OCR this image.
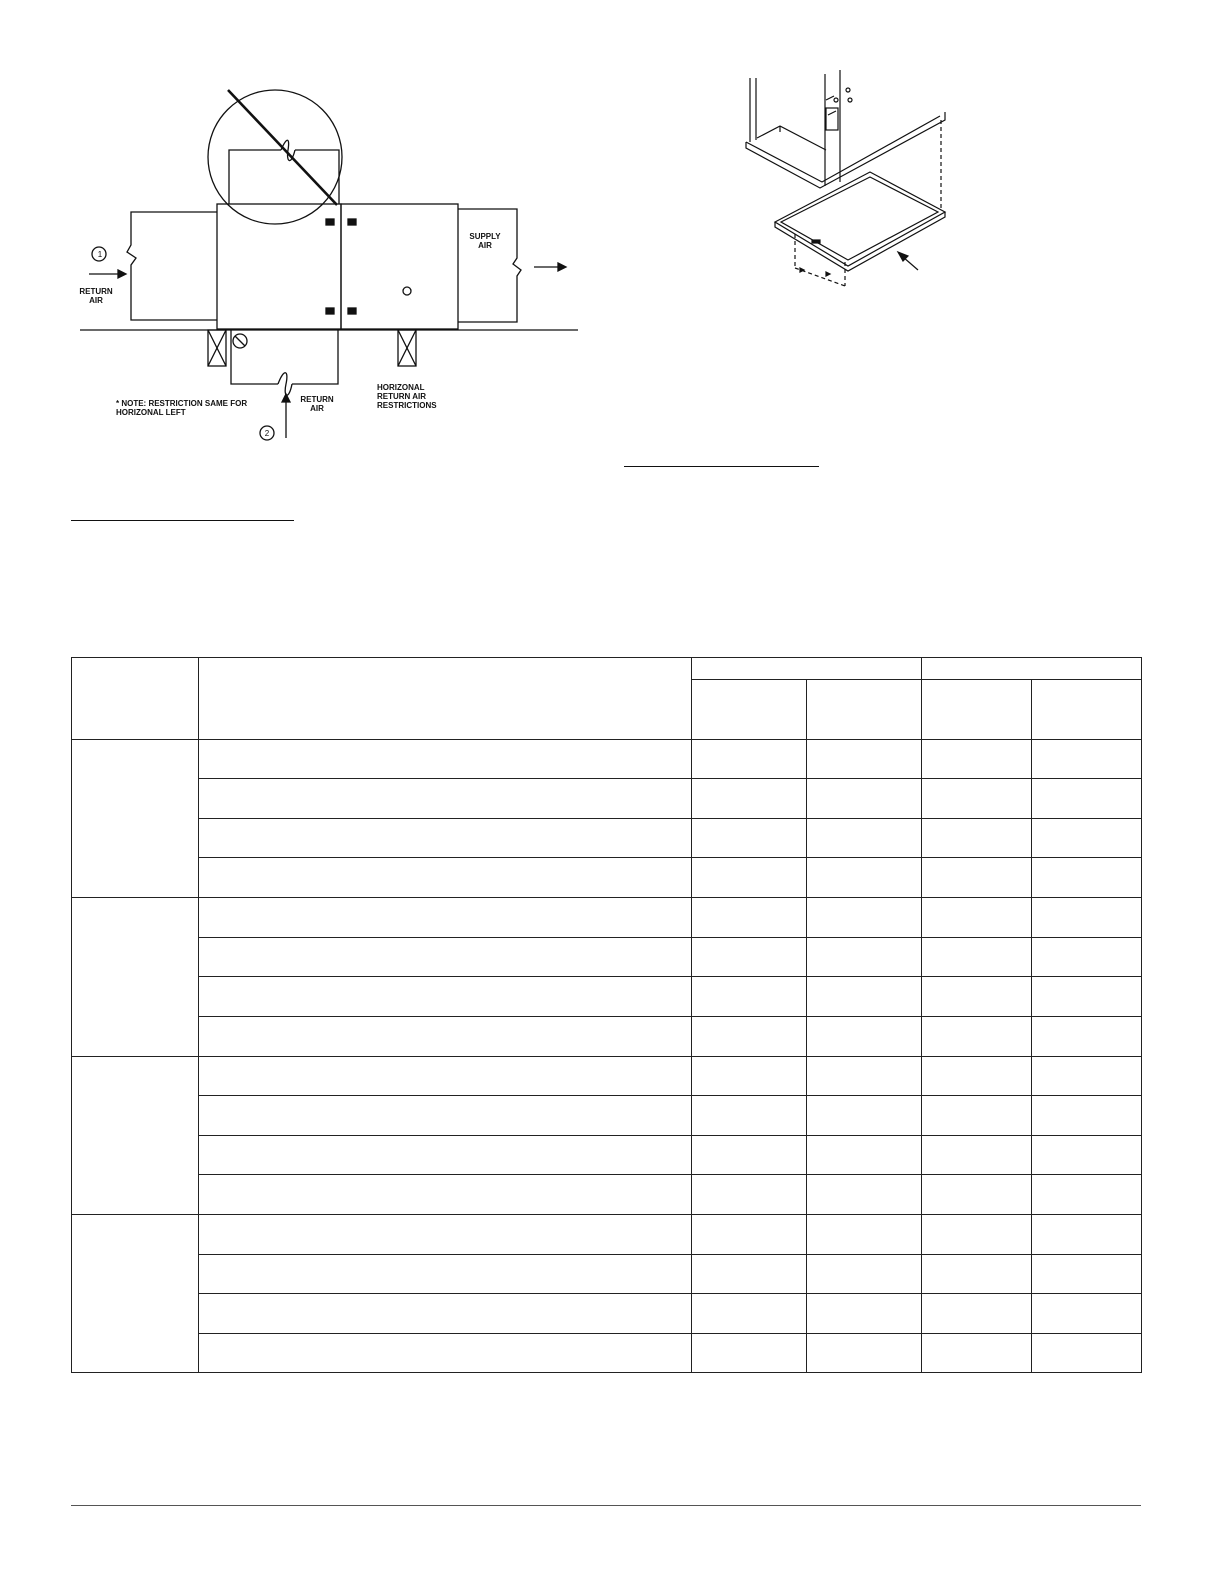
1
2
RETURN
AIR
SUPPLY
AIR
RETURN
AIR
* NOTE: RESTRICTION SAME FOR
HORIZONAL LEFT
HORIZONAL
RETURN AIR
RESTRICTIONS
